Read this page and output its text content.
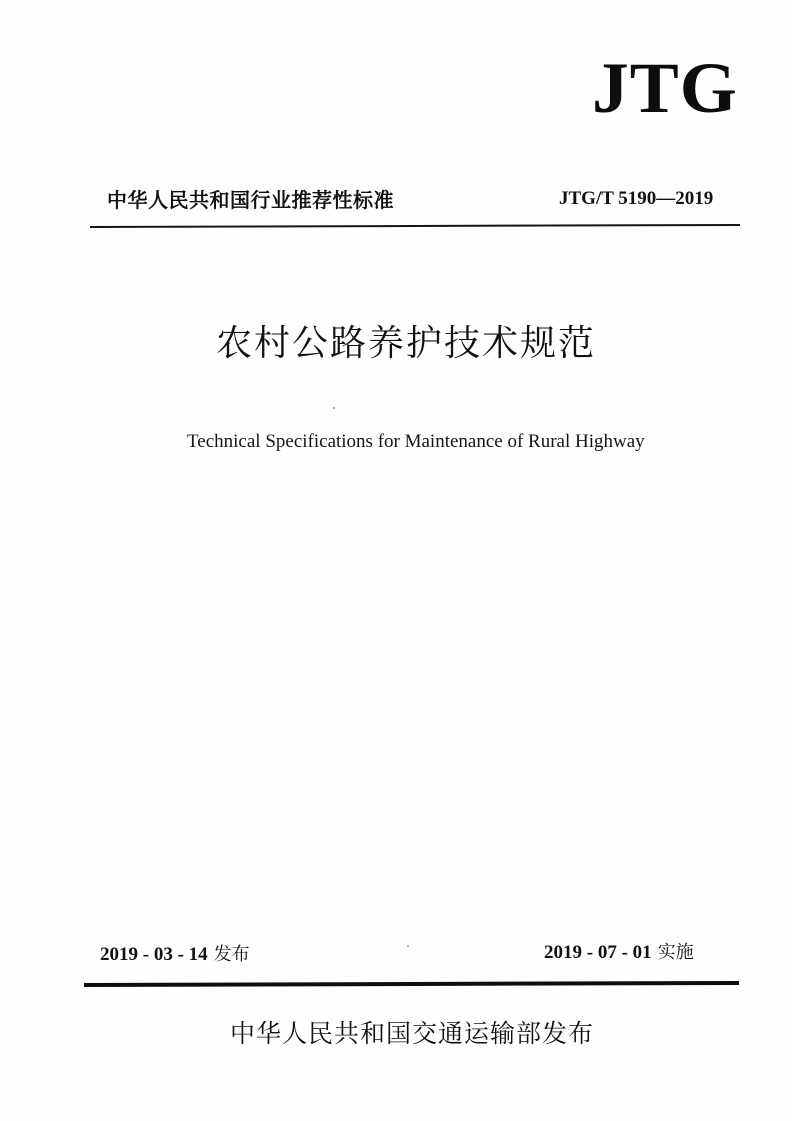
JTG
中华人民共和国行业推荐性标准	JTG/T 5190—2019
农村公路养护技术规范
Technical Specifications for Maintenance of Rural Highway
2019 - 03 - 14 发布	2019 - 07 - 01 实施
中华人民共和国交通运输部发布
